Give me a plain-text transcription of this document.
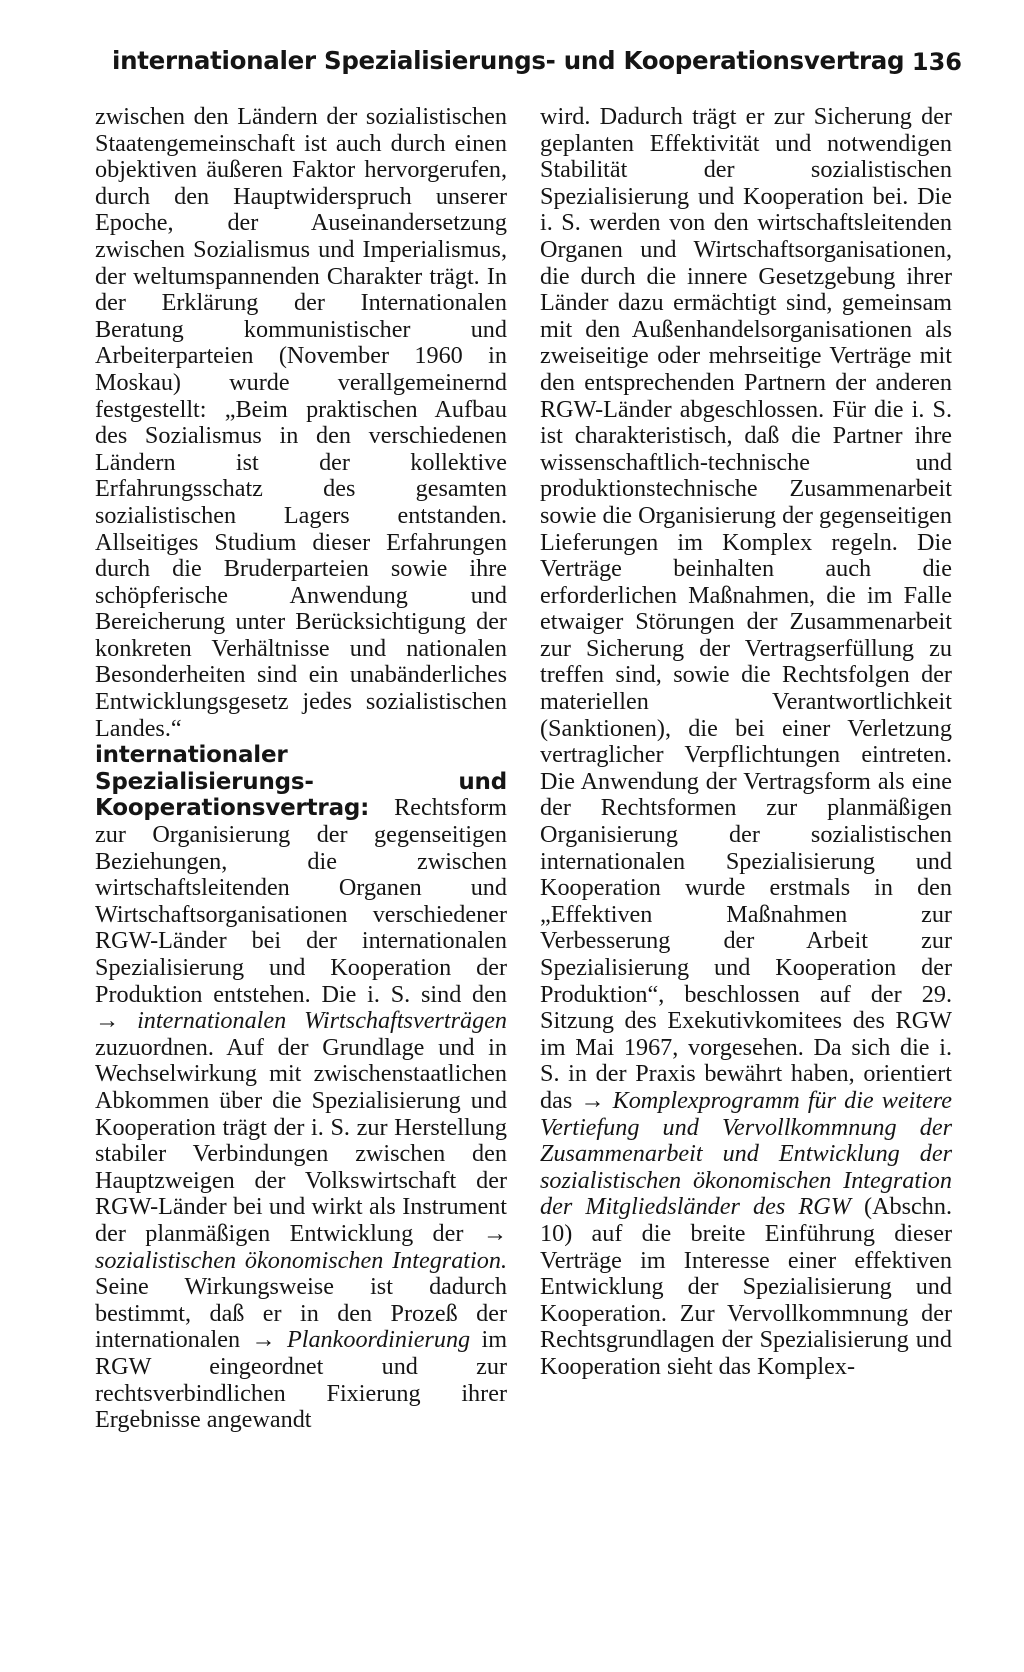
internationaler Spezialisierungs- und Kooperationsvertrag 136

zwischen den Ländern der sozialistischen Staatengemeinschaft ist auch durch einen objektiven äußeren Faktor hervorgerufen, durch den Hauptwiderspruch unserer Epoche, der Auseinandersetzung zwischen Sozialismus und Imperialismus, der weltumspannenden Charakter trägt. In der Erklärung der Internationalen Beratung kommunistischer und Arbeiterparteien (November 1960 in Moskau) wurde verallgemeinernd festgestellt: „Beim praktischen Aufbau des Sozialismus in den verschiedenen Ländern ist der kollektive Erfahrungsschatz des gesamten sozialistischen Lagers entstanden. Allseitiges Studium dieser Erfahrungen durch die Bruderparteien sowie ihre schöpferische Anwendung und Bereicherung unter Berücksichtigung der konkreten Verhältnisse und nationalen Besonderheiten sind ein unabänderliches Entwicklungsgesetz jedes sozialistischen Landes.“

internationaler Spezialisierungs- und Kooperationsvertrag: Rechtsform zur Organisierung der gegenseitigen Beziehungen, die zwischen wirtschaftsleitenden Organen und Wirtschaftsorganisationen verschiedener RGW-Länder bei der internationalen Spezialisierung und Kooperation der Produktion entstehen. Die i. S. sind den → internationalen Wirtschaftsverträgen zuzuordnen. Auf der Grundlage und in Wechselwirkung mit zwischenstaatlichen Abkommen über die Spezialisierung und Kooperation trägt der i. S. zur Herstellung stabiler Verbindungen zwischen den Hauptzweigen der Volkswirtschaft der RGW-Länder bei und wirkt als Instrument der planmäßigen Entwicklung der → sozialistischen ökonomischen Integration. Seine Wirkungsweise ist dadurch bestimmt, daß er in den Prozeß der internationalen → Plankoordinierung im RGW eingeordnet und zur rechtsverbindlichen Fixierung ihrer Ergebnisse angewandt

wird. Dadurch trägt er zur Sicherung der geplanten Effektivität und notwendigen Stabilität der sozialistischen Spezialisierung und Kooperation bei. Die i. S. werden von den wirtschaftsleitenden Organen und Wirtschaftsorganisationen, die durch die innere Gesetzgebung ihrer Länder dazu ermächtigt sind, gemeinsam mit den Außenhandelsorganisationen als zweiseitige oder mehrseitige Verträge mit den entsprechenden Partnern der anderen RGW-Länder abgeschlossen. Für die i. S. ist charakteristisch, daß die Partner ihre wissenschaftlich-technische und produktionstechnische Zusammenarbeit sowie die Organisierung der gegenseitigen Lieferungen im Komplex regeln. Die Verträge beinhalten auch die erforderlichen Maßnahmen, die im Falle etwaiger Störungen der Zusammenarbeit zur Sicherung der Vertragserfüllung zu treffen sind, sowie die Rechtsfolgen der materiellen Verantwortlichkeit (Sanktionen), die bei einer Verletzung vertraglicher Verpflichtungen eintreten. Die Anwendung der Vertragsform als eine der Rechtsformen zur planmäßigen Organisierung der sozialistischen internationalen Spezialisierung und Kooperation wurde erstmals in den „Effektiven Maßnahmen zur Verbesserung der Arbeit zur Spezialisierung und Kooperation der Produktion“, beschlossen auf der 29. Sitzung des Exekutivkomitees des RGW im Mai 1967, vorgesehen. Da sich die i. S. in der Praxis bewährt haben, orientiert das → Komplexprogramm für die weitere Vertiefung und Vervollkommnung der Zusammenarbeit und Entwicklung der sozialistischen ökonomischen Integration der Mitgliedsländer des RGW (Abschn. 10) auf die breite Einführung dieser Verträge im Interesse einer effektiven Entwicklung der Spezialisierung und Kooperation. Zur Vervollkommnung der Rechtsgrundlagen der Spezialisierung und Kooperation sieht das Komplex-
